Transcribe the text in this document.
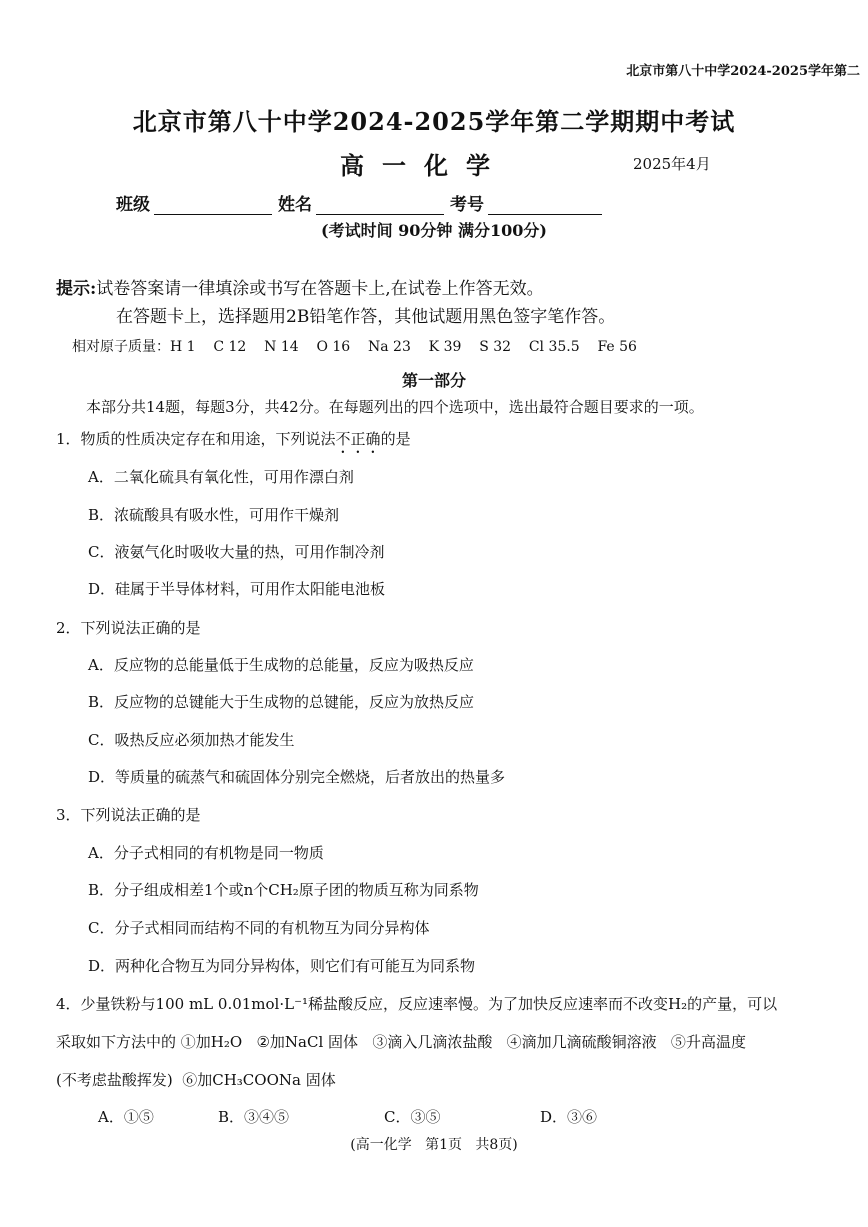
北京市第八十中学2024-2025学年第二
北京市第八十中学2024-2025学年第二学期期中考试
高一化学	2025年4月
班级	姓名	考号
(考试时间 90分钟 满分100分)
提示:试卷答案请一律填涂或书写在答题卡上,在试卷上作答无效。
在答题卡上，选择题用2B铅笔作答，其他试题用黑色签字笔作答。
相对原子质量：H 1    C 12    N 14    O 16    Na 23    K 39    S 32    Cl 35.5    Fe 56
第一部分
本部分共14题，每题3分，共42分。在每题列出的四个选项中，选出最符合题目要求的一项。
1．物质的性质决定存在和用途，下列说法不正确的是
A．二氧化硫具有氧化性，可用作漂白剂
B．浓硫酸具有吸水性，可用作干燥剂
C．液氨气化时吸收大量的热，可用作制冷剂
D．硅属于半导体材料，可用作太阳能电池板
2．下列说法正确的是
A．反应物的总能量低于生成物的总能量，反应为吸热反应
B．反应物的总键能大于生成物的总键能，反应为放热反应
C．吸热反应必须加热才能发生
D．等质量的硫蒸气和硫固体分别完全燃烧，后者放出的热量多
3．下列说法正确的是
A．分子式相同的有机物是同一物质
B．分子组成相差1个或n个CH₂原子团的物质互称为同系物
C．分子式相同而结构不同的有机物互为同分异构体
D．两种化合物互为同分异构体，则它们有可能互为同系物
4．少量铁粉与100 mL 0.01mol·L⁻¹稀盐酸反应，反应速率慢。为了加快反应速率而不改变H₂的产量，可以
采取如下方法中的 ①加H₂O   ②加NaCl 固体   ③滴入几滴浓盐酸   ④滴加几滴硫酸铜溶液   ⑤升高温度
(不考虑盐酸挥发)  ⑥加CH₃COONa 固体
A．①⑤	B．③④⑤	C．③⑤	D．③⑥
(高一化学   第1页   共8页)
